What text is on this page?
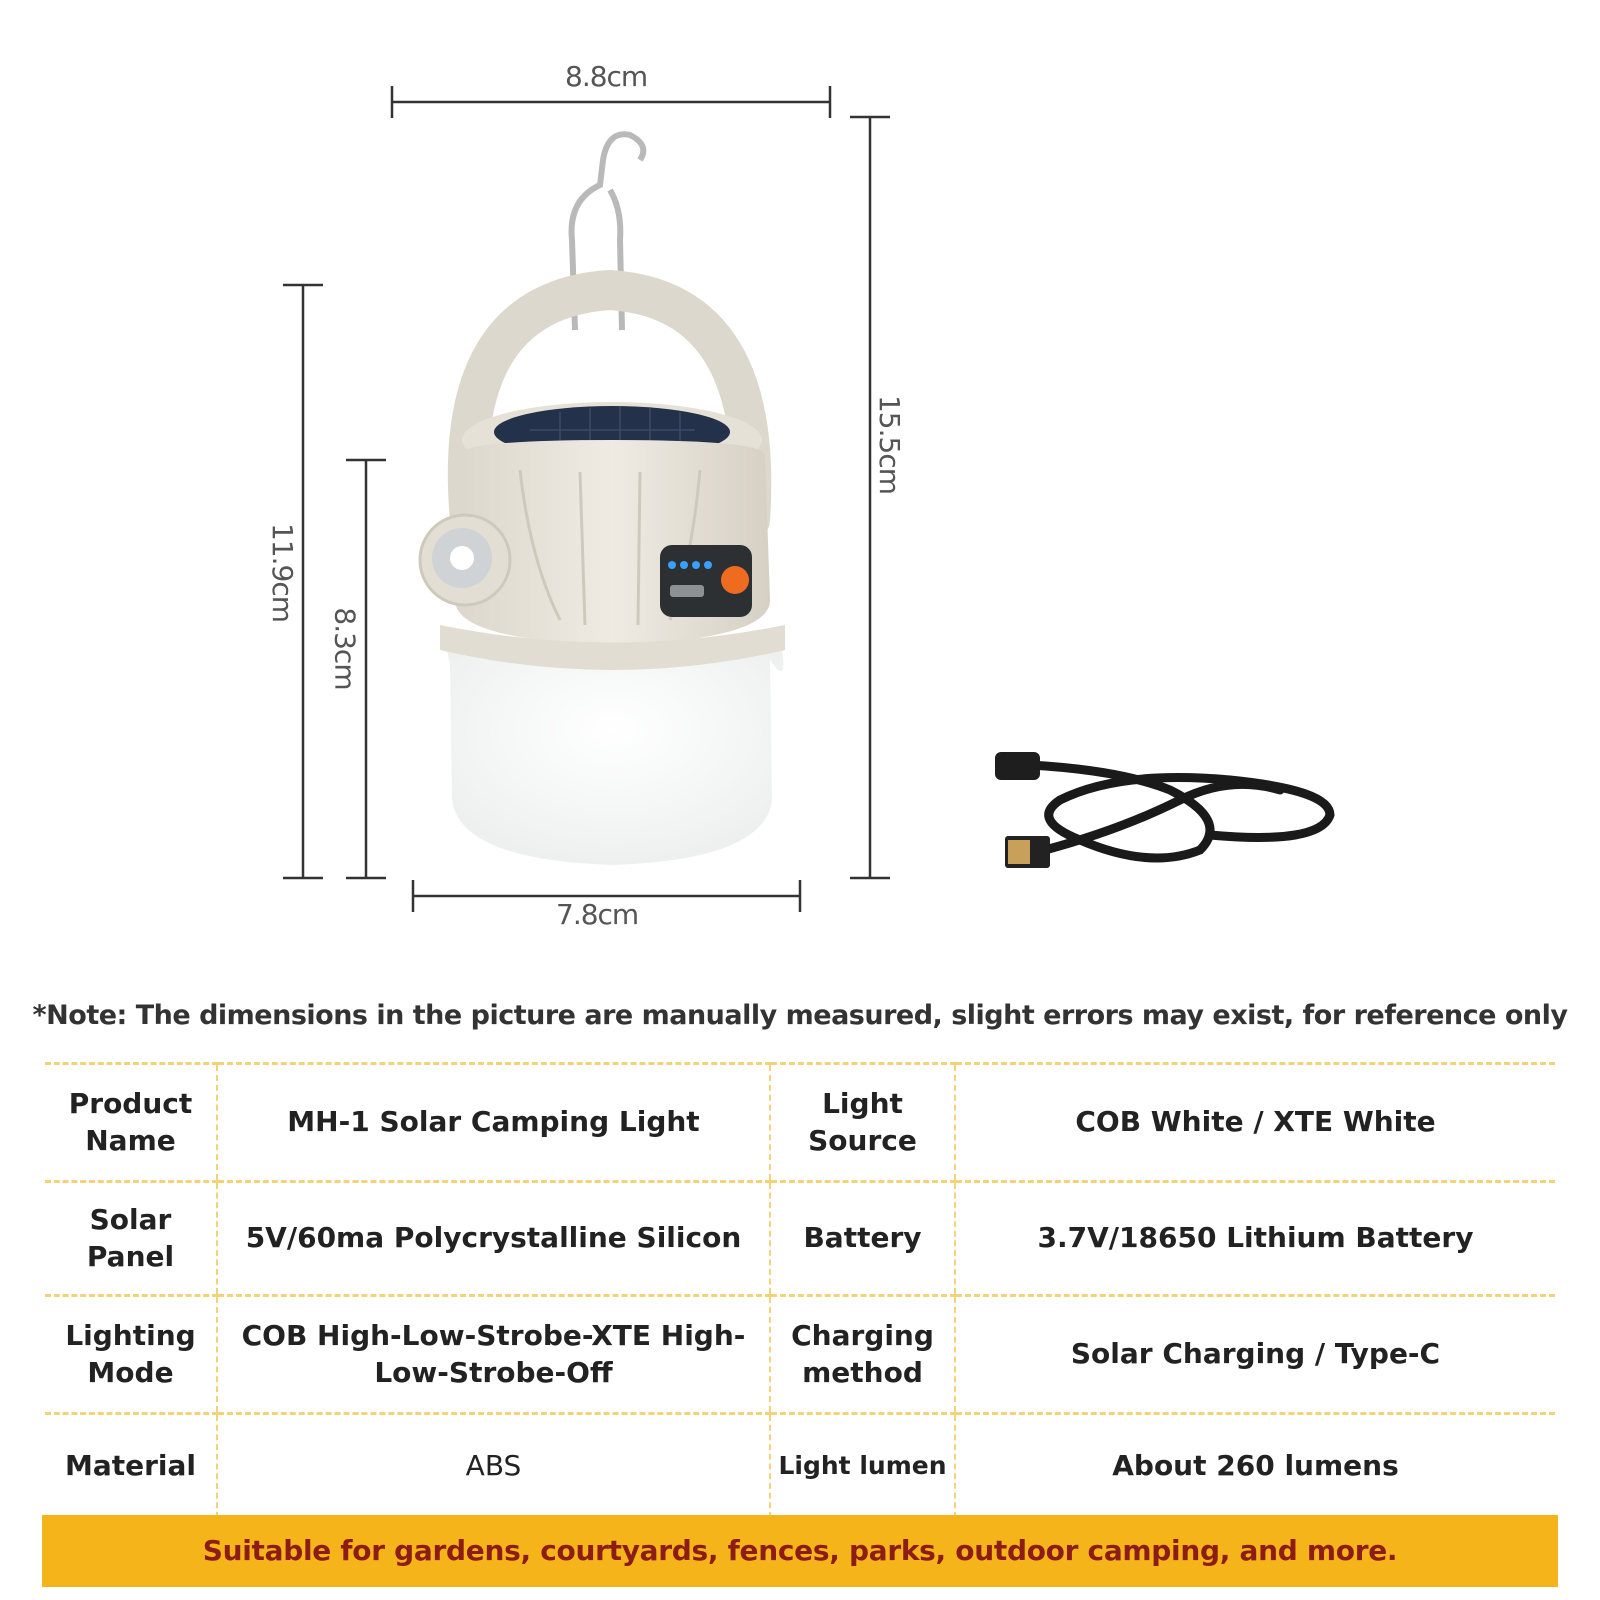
8.8cm
7.8cm
15.5cm
11.9cm
8.3cm
*Note: The dimensions in the picture are manually measured, slight errors may exist, for reference only
Product Name	MH-1 Solar Camping Light	Light Source	COB White / XTE White
Solar Panel	5V/60ma Polycrystalline Silicon	Battery	3.7V/18650 Lithium Battery
Lighting Mode	COB High-Low-Strobe-XTE High-Low-Strobe-Off	Charging method	Solar Charging / Type-C
Material	ABS	Light lumen	About 260 lumens
Suitable for gardens, courtyards, fences, parks, outdoor camping, and more.
